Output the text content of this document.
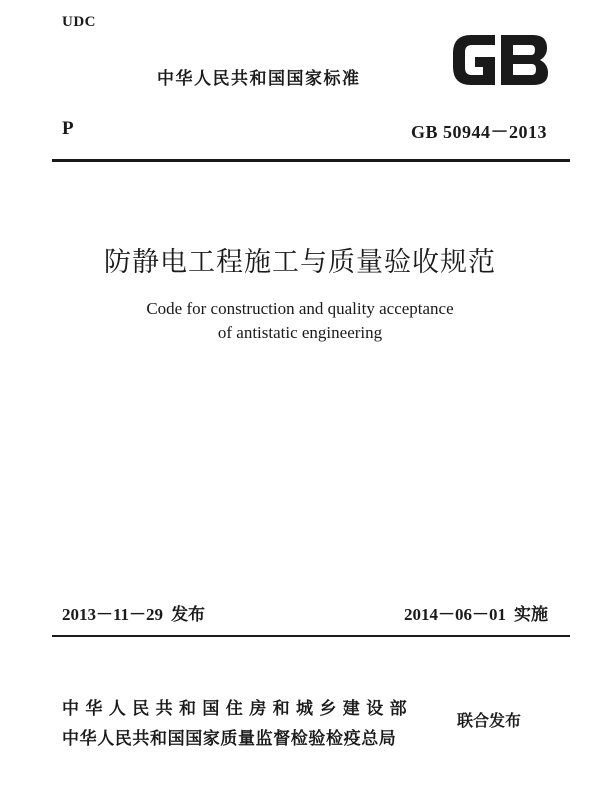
UDC
中华人民共和国国家标准
P	GB 50944－2013
防静电工程施工与质量验收规范
Code for construction and quality acceptance
of antistatic engineering
2013－11－29 发布	2014－06－01 实施
中华人民共和国住房和城乡建设部
中华人民共和国国家质量监督检验检疫总局
联合发布
